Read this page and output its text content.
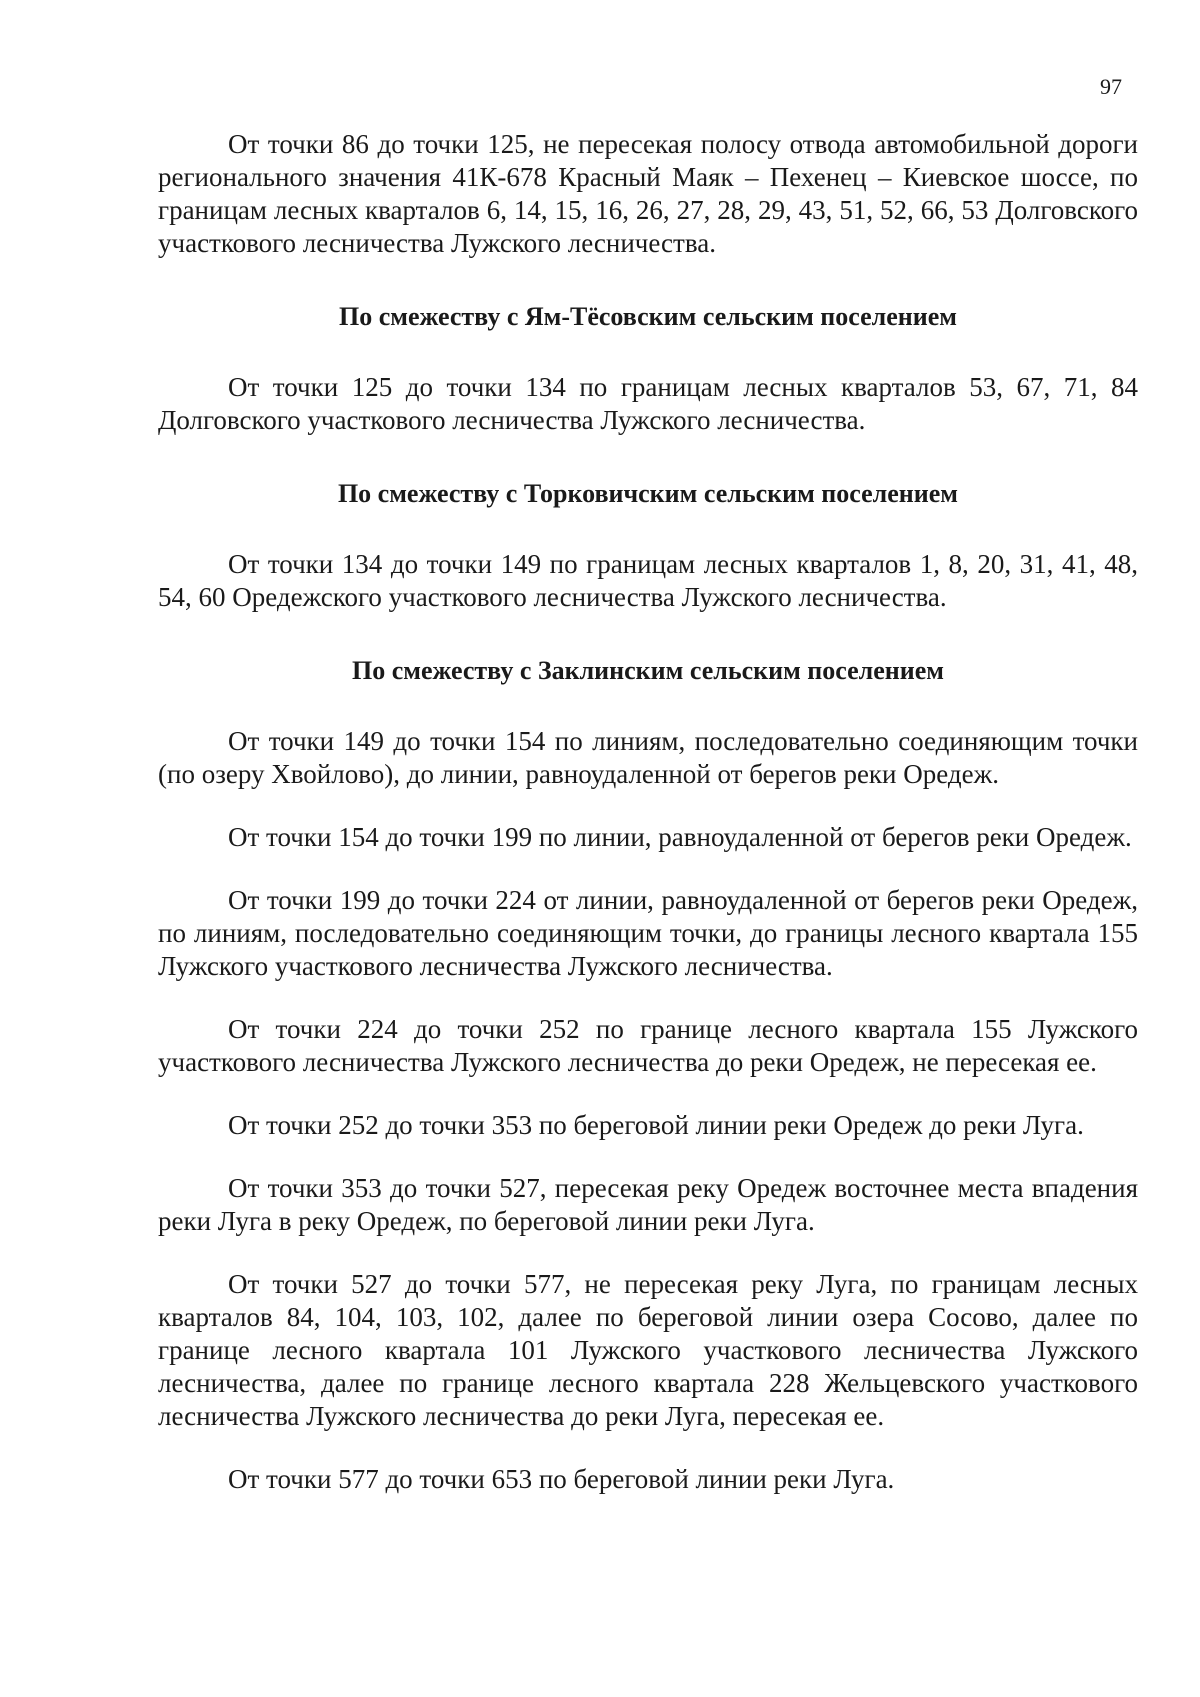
97

От точки 86 до точки 125, не пересекая полосу отвода автомобильной дороги регионального значения 41К-678 Красный Маяк – Пехенец – Киевское шоссе, по границам лесных кварталов 6, 14, 15, 16, 26, 27, 28, 29, 43, 51, 52, 66, 53 Долговского участкового лесничества Лужского лесничества.

По смежеству с Ям-Тёсовским сельским поселением

От точки 125 до точки 134 по границам лесных кварталов 53, 67, 71, 84 Долговского участкового лесничества Лужского лесничества.

По смежеству с Торковичским сельским поселением

От точки 134 до точки 149 по границам лесных кварталов 1, 8, 20, 31, 41, 48, 54, 60 Оредежского участкового лесничества Лужского лесничества.

По смежеству с Заклинским сельским поселением

От точки 149 до точки 154 по линиям, последовательно соединяющим точки (по озеру Хвойлово), до линии, равноудаленной от берегов реки Оредеж.

От точки 154 до точки 199 по линии, равноудаленной от берегов реки Оредеж.

От точки 199 до точки 224 от линии, равноудаленной от берегов реки Оредеж, по линиям, последовательно соединяющим точки, до границы лесного квартала 155 Лужского участкового лесничества Лужского лесничества.

От точки 224 до точки 252 по границе лесного квартала 155 Лужского участкового лесничества Лужского лесничества до реки Оредеж, не пересекая ее.

От точки 252 до точки 353 по береговой линии реки Оредеж до реки Луга.

От точки 353 до точки 527, пересекая реку Оредеж восточнее места впадения реки Луга в реку Оредеж, по береговой линии реки Луга.

От точки 527 до точки 577, не пересекая реку Луга, по границам лесных кварталов 84, 104, 103, 102, далее по береговой линии озера Сосово, далее по границе лесного квартала 101 Лужского участкового лесничества Лужского лесничества, далее по границе лесного квартала 228 Жельцевского участкового лесничества Лужского лесничества до реки Луга, пересекая ее.

От точки 577 до точки 653 по береговой линии реки Луга.
